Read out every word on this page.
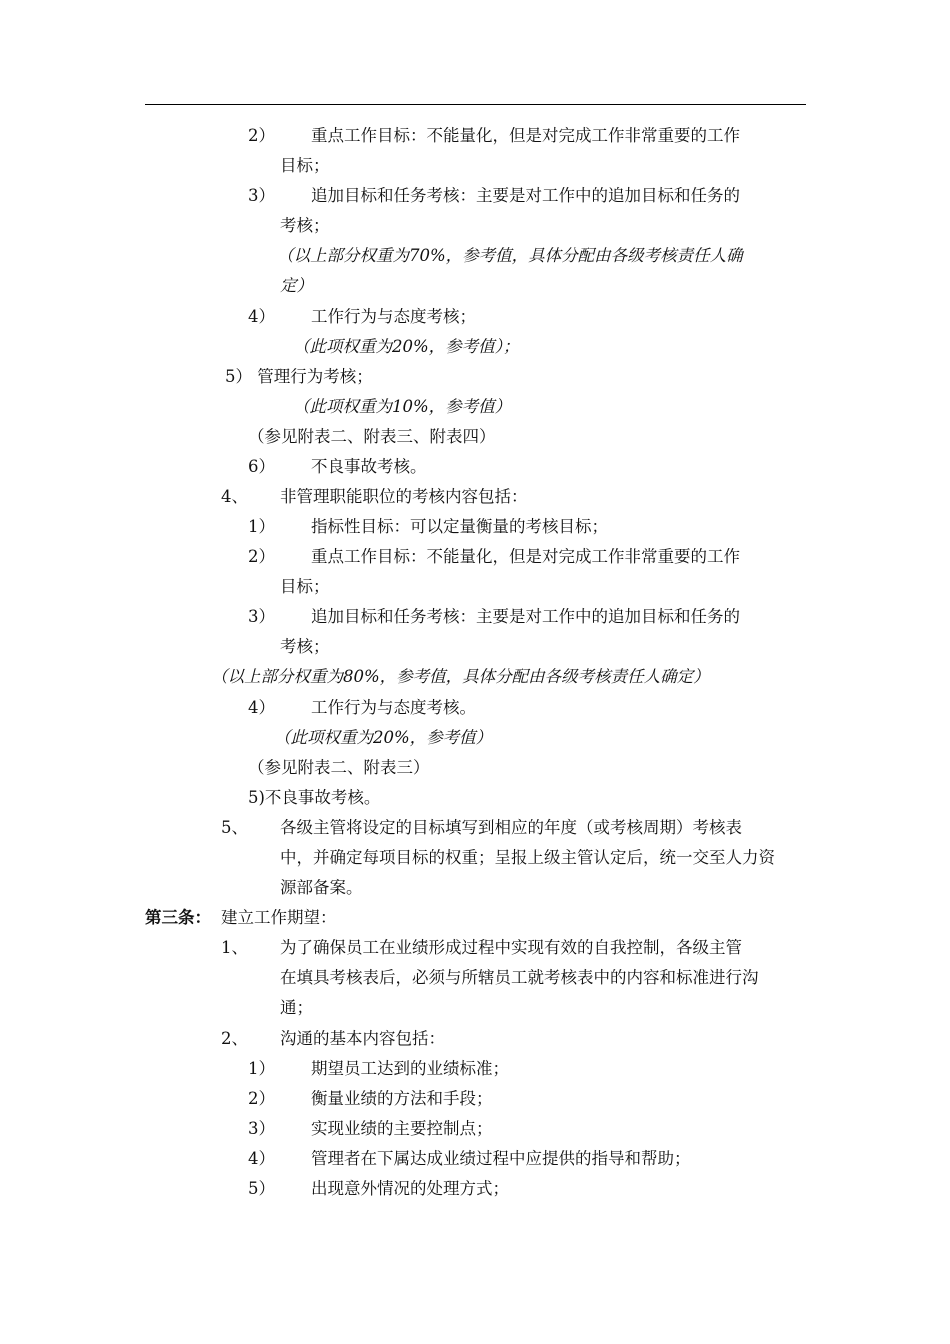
2） 重点工作目标：不能量化，但是对完成工作非常重要的工作
目标；
3） 追加目标和任务考核：主要是对工作中的追加目标和任务的
考核；
（以上部分权重为70%，参考值，具体分配由各级考核责任人确
定）
4） 工作行为与态度考核；
（此项权重为20%，参考值）；
5） 管理行为考核；
（此项权重为10%，参考值）
（参见附表二、附表三、附表四）
6） 不良事故考核。
4、 非管理职能职位的考核内容包括：
1） 指标性目标：可以定量衡量的考核目标；
2） 重点工作目标：不能量化，但是对完成工作非常重要的工作
目标；
3） 追加目标和任务考核：主要是对工作中的追加目标和任务的
考核；
（以上部分权重为80%，参考值，具体分配由各级考核责任人确定）
4） 工作行为与态度考核。
（此项权重为20%，参考值）
（参见附表二、附表三）
5)不良事故考核。
5、 各级主管将设定的目标填写到相应的年度（或考核周期）考核表
中，并确定每项目标的权重；呈报上级主管认定后，统一交至人力资
源部备案。
第三条： 建立工作期望：
1、 为了确保员工在业绩形成过程中实现有效的自我控制，各级主管
在填具考核表后，必须与所辖员工就考核表中的内容和标准进行沟
通；
2、 沟通的基本内容包括：
1） 期望员工达到的业绩标准；
2） 衡量业绩的方法和手段；
3） 实现业绩的主要控制点；
4） 管理者在下属达成业绩过程中应提供的指导和帮助；
5） 出现意外情况的处理方式；
